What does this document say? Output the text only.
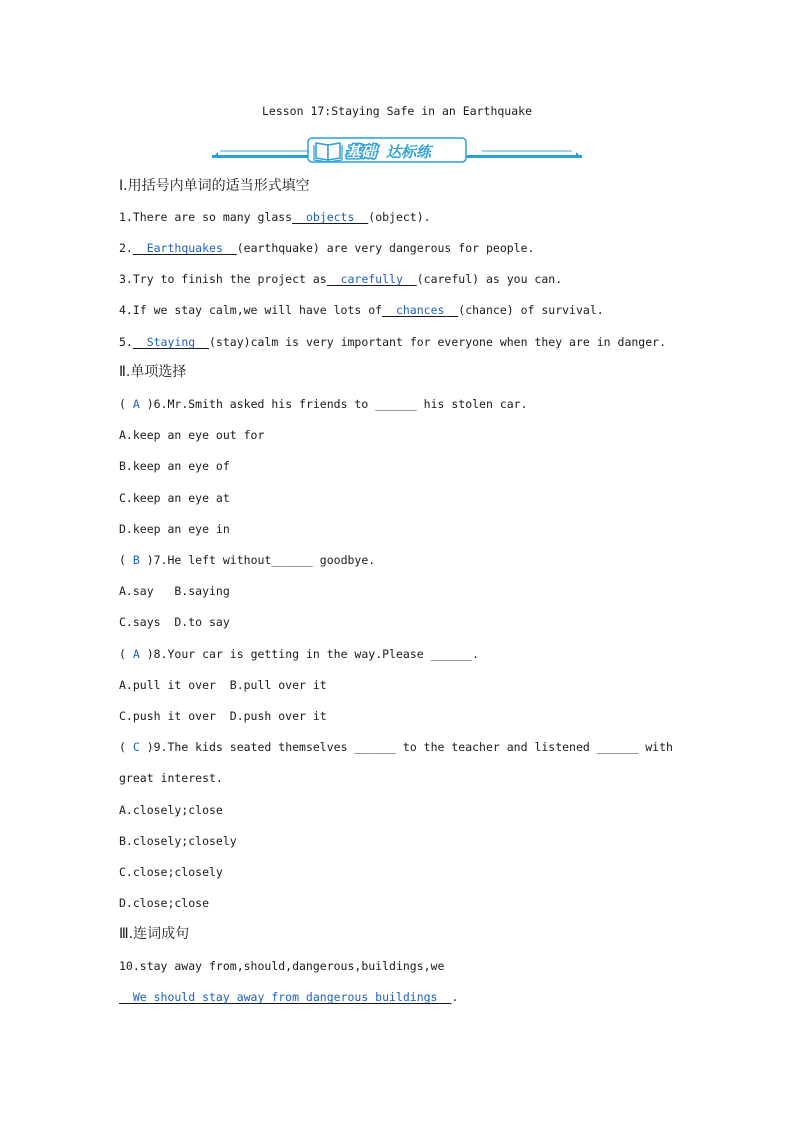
Lesson 17:Staying Safe in an Earthquake
基础 达标练
Ⅰ.用括号内单词的适当形式填空
1.There are so many glass  objects  (object).
2.  Earthquakes  (earthquake) are very dangerous for people.
3.Try to finish the project as  carefully  (careful) as you can.
4.If we stay calm,we will have lots of  chances  (chance) of survival.
5.  Staying  (stay)calm is very important for everyone when they are in danger.
Ⅱ.单项选择
( A )6.Mr.Smith asked his friends to ______ his stolen car.
A.keep an eye out for
B.keep an eye of
C.keep an eye at
D.keep an eye in
( B )7.He left without______ goodbye.
A.say   B.saying
C.says  D.to say
( A )8.Your car is getting in the way.Please ______.
A.pull it over  B.pull over it
C.push it over  D.push over it
( C )9.The kids seated themselves ______ to the teacher and listened ______ with
great interest.
A.closely;close
B.closely;closely
C.close;closely
D.close;close
Ⅲ.连词成句
10.stay away from,should,dangerous,buildings,we
We should stay away from dangerous buildings  .
